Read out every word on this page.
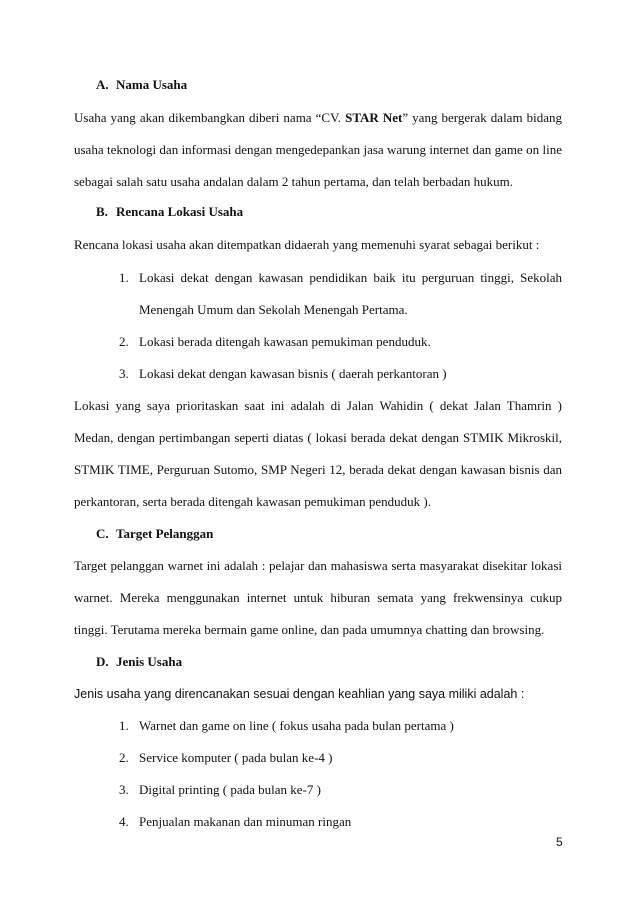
A. Nama Usaha
Usaha yang akan dikembangkan diberi nama “CV. STAR Net” yang bergerak dalam bidang
usaha teknologi dan informasi dengan mengedepankan jasa warung internet dan game on line
sebagai salah satu usaha andalan dalam 2 tahun pertama, dan telah berbadan hukum.
B. Rencana Lokasi Usaha
Rencana lokasi usaha akan ditempatkan didaerah yang memenuhi syarat sebagai berikut :
1. Lokasi dekat dengan kawasan pendidikan baik itu perguruan tinggi, Sekolah
Menengah Umum dan Sekolah Menengah Pertama.
2. Lokasi berada ditengah kawasan pemukiman penduduk.
3. Lokasi dekat dengan kawasan bisnis ( daerah perkantoran )
Lokasi yang saya prioritaskan saat ini adalah di Jalan Wahidin ( dekat Jalan Thamrin )
Medan, dengan pertimbangan seperti diatas ( lokasi berada dekat dengan STMIK Mikroskil,
STMIK TIME, Perguruan Sutomo, SMP Negeri 12, berada dekat dengan kawasan bisnis dan
perkantoran, serta berada ditengah kawasan pemukiman penduduk ).
C. Target Pelanggan
Target pelanggan warnet ini adalah : pelajar dan mahasiswa serta masyarakat disekitar lokasi
warnet. Mereka menggunakan internet untuk hiburan semata yang frekwensinya cukup
tinggi. Terutama mereka bermain game online, dan pada umumnya chatting dan browsing.
D. Jenis Usaha
Jenis usaha yang direncanakan sesuai dengan keahlian yang saya miliki adalah :
1. Warnet dan game on line ( fokus usaha pada bulan pertama )
2. Service komputer ( pada bulan ke-4 )
3. Digital printing ( pada bulan ke-7 )
4. Penjualan makanan dan minuman ringan
5
